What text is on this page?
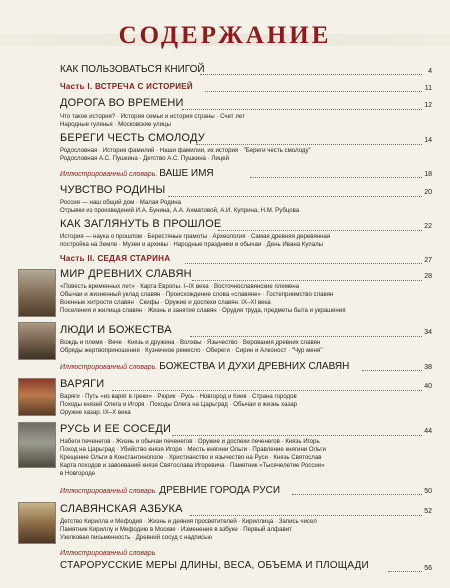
СОДЕРЖАНИЕ
КАК ПОЛЬЗОВАТЬСЯ КНИГОЙ	4
Часть I. ВСТРЕЧА С ИСТОРИЕЙ	11
ДОРОГА ВО ВРЕМЕНИ	12
Что такое история? · История семьи и история страны · Счет лет
Народные гулянья · Московские улицы
БЕРЕГИ ЧЕСТЬ СМОЛОДУ	14
Родословная · История фамилий · Наши фамилии, их история · "Береги честь смолоду"
Родословная А.С. Пушкина · Детство А.С. Пушкина · Лицей
Иллюстрированный словарь. ВАШЕ ИМЯ	18
ЧУВСТВО РОДИНЫ	20
Россия — наш общий дом · Малая Родина
Отрывки из произведений И.А. Бунина, А.А. Ахматовой, А.И. Куприна, Н.М. Рубцова
КАК ЗАГЛЯНУТЬ В ПРОШЛОЕ	22
История — наука о прошлом · Берестяные грамоты · Археология · Самая древняя деревянная
постройка на Земле · Музеи и архивы · Народные праздники и обычаи · День Ивана Купалы
Часть II. СЕДАЯ СТАРИНА	27
МИР ДРЕВНИХ СЛАВЯН	28
«Повесть временных лет» · Карта Европы. I–IX века · Восточнославянские племена
Обычаи и жизненный уклад славян · Происхождение слова «славяне» · Гостеприимство славян
Военные хитрости славян · Скифы · Оружие и доспехи славян. IX–XI века
Поселения и жилища славян · Жизнь и занятия славян · Орудия труда, предметы быта и украшения
ЛЮДИ И БОЖЕСТВА	34
Вождь и племя · Вече · Князь и дружина · Волхвы · Язычество · Верования древних славян
Обряды жертвоприношения · Кузнечное ремесло · Обереги · Сирин и Алконост · "Чур меня"
Иллюстрированный словарь. БОЖЕСТВА И ДУХИ ДРЕВНИХ СЛАВЯН	38
ВАРЯГИ	40
Варяги · Путь «из варяг в греки» · Рюрик · Русь · Новгород и Киев · Страна городов
Походы князей Олега и Игоря · Походы Олега на Царьград · Обычаи и жизнь хазар
Оружие хазар. IX–X века
РУСЬ И ЕЕ СОСЕДИ	44
Набеги печенегов · Жизнь и обычаи печенегов · Оружие и доспехи печенегов · Князь Игорь
Поход на Царьград · Убийство князя Игоря · Месть княгини Ольги · Правление княгини Ольги
Крещение Ольги в Константинополе · Христианство и язычество на Руси · Князь Святослав
Карта походов и завоеваний князя Святослава Игоревича · Памятник «Тысячелетие России»
в Новгороде
Иллюстрированный словарь. ДРЕВНИЕ ГОРОДА РУСИ	50
СЛАВЯНСКАЯ АЗБУКА	52
Детство Кирилла и Мефодия · Жизнь и деяния просветителей · Кириллица · Запись чисел
Памятник Кириллу и Мефодию в Москве · Изменения в азбуке · Первый алфавит
Узелковая письменность · Древний сосуд с надписью
Иллюстрированный словарь
СТАРОРУССКИЕ МЕРЫ ДЛИНЫ, ВЕСА, ОБЪЕМА И ПЛОЩАДИ	56
